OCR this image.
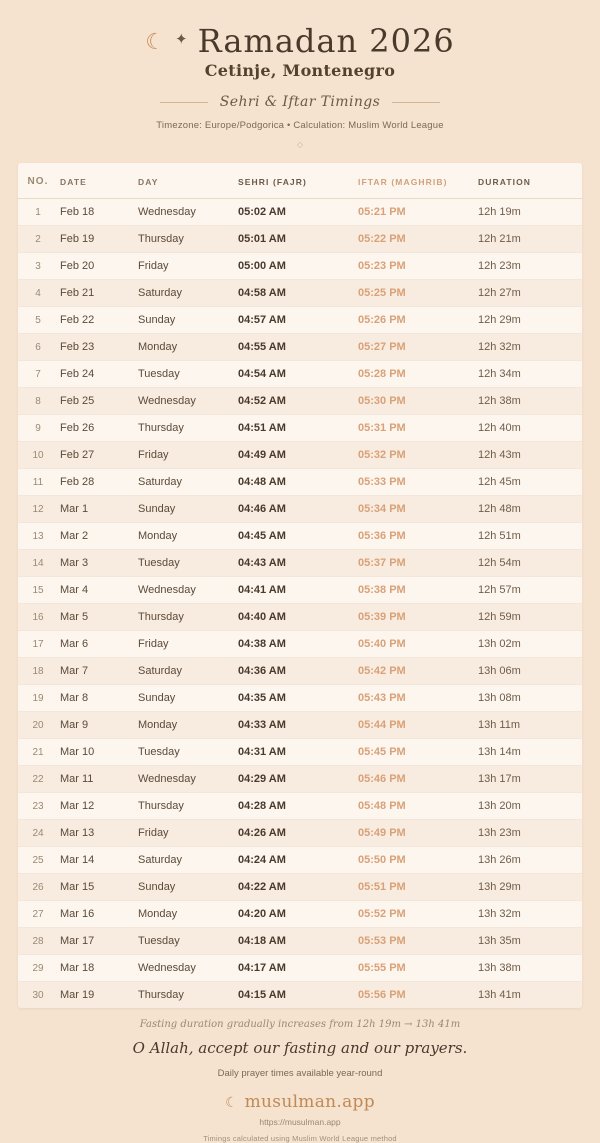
☾ ✦ Ramadan 2026
Cetinje, Montenegro
Sehri & Iftar Timings
Timezone: Europe/Podgorica • Calculation: Muslim World League
◇
NO.	DATE	DAY	SEHRI (FAJR)	IFTAR (MAGHRIB)	DURATION
1	Feb 18	Wednesday	05:02 AM	05:21 PM	12h 19m
2	Feb 19	Thursday	05:01 AM	05:22 PM	12h 21m
3	Feb 20	Friday	05:00 AM	05:23 PM	12h 23m
4	Feb 21	Saturday	04:58 AM	05:25 PM	12h 27m
5	Feb 22	Sunday	04:57 AM	05:26 PM	12h 29m
6	Feb 23	Monday	04:55 AM	05:27 PM	12h 32m
7	Feb 24	Tuesday	04:54 AM	05:28 PM	12h 34m
8	Feb 25	Wednesday	04:52 AM	05:30 PM	12h 38m
9	Feb 26	Thursday	04:51 AM	05:31 PM	12h 40m
10	Feb 27	Friday	04:49 AM	05:32 PM	12h 43m
11	Feb 28	Saturday	04:48 AM	05:33 PM	12h 45m
12	Mar 1	Sunday	04:46 AM	05:34 PM	12h 48m
13	Mar 2	Monday	04:45 AM	05:36 PM	12h 51m
14	Mar 3	Tuesday	04:43 AM	05:37 PM	12h 54m
15	Mar 4	Wednesday	04:41 AM	05:38 PM	12h 57m
16	Mar 5	Thursday	04:40 AM	05:39 PM	12h 59m
17	Mar 6	Friday	04:38 AM	05:40 PM	13h 02m
18	Mar 7	Saturday	04:36 AM	05:42 PM	13h 06m
19	Mar 8	Sunday	04:35 AM	05:43 PM	13h 08m
20	Mar 9	Monday	04:33 AM	05:44 PM	13h 11m
21	Mar 10	Tuesday	04:31 AM	05:45 PM	13h 14m
22	Mar 11	Wednesday	04:29 AM	05:46 PM	13h 17m
23	Mar 12	Thursday	04:28 AM	05:48 PM	13h 20m
24	Mar 13	Friday	04:26 AM	05:49 PM	13h 23m
25	Mar 14	Saturday	04:24 AM	05:50 PM	13h 26m
26	Mar 15	Sunday	04:22 AM	05:51 PM	13h 29m
27	Mar 16	Monday	04:20 AM	05:52 PM	13h 32m
28	Mar 17	Tuesday	04:18 AM	05:53 PM	13h 35m
29	Mar 18	Wednesday	04:17 AM	05:55 PM	13h 38m
30	Mar 19	Thursday	04:15 AM	05:56 PM	13h 41m
Fasting duration gradually increases from 12h 19m → 13h 41m
O Allah, accept our fasting and our prayers.
Daily prayer times available year-round
☾ musulman.app
https://musulman.app
Timings calculated using Muslim World League method
